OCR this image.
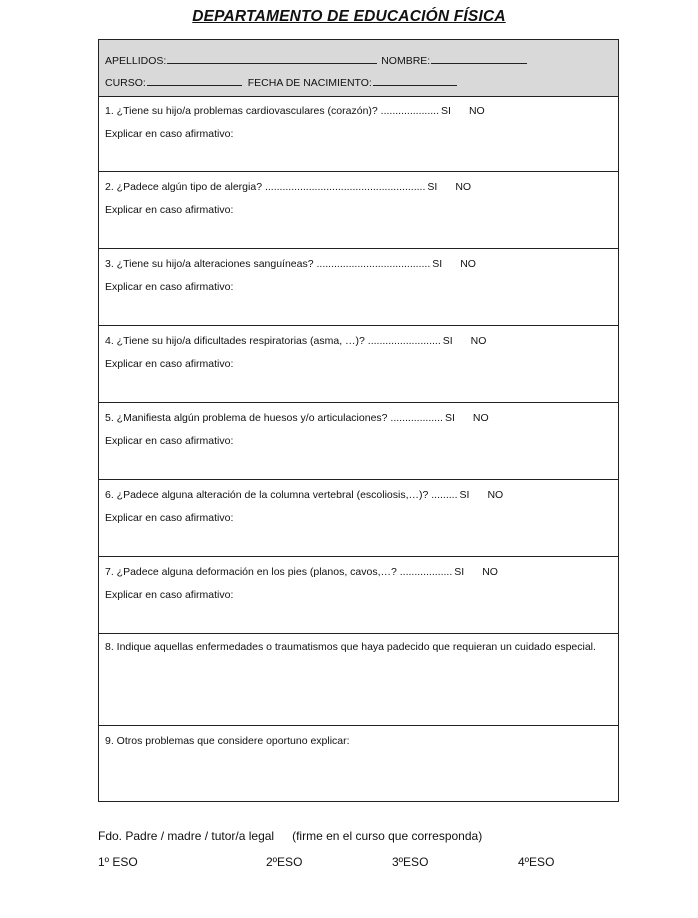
DEPARTAMENTO DE EDUCACIÓN FÍSICA
APELLIDOS:	NOMBRE:
CURSO:	FECHA DE NACIMIENTO:
1. ¿Tiene su hijo/a problemas cardiovasculares (corazón)? .................... SI NO
Explicar en caso afirmativo:
2. ¿Padece algún tipo de alergia? ....................................................... SI NO
Explicar en caso afirmativo:
3. ¿Tiene su hijo/a alteraciones sanguíneas? ....................................... SI NO
Explicar en caso afirmativo:
4. ¿Tiene su hijo/a dificultades respiratorias (asma, …)? ......................... SI NO
Explicar en caso afirmativo:
5. ¿Manifiesta algún problema de huesos y/o articulaciones? .................. SI NO
Explicar en caso afirmativo:
6. ¿Padece alguna alteración de la columna vertebral (escoliosis,…)? ......... SI NO
Explicar en caso afirmativo:
7. ¿Padece alguna deformación en los pies (planos, cavos,…? .................. SI NO
Explicar en caso afirmativo:
8. Indique aquellas enfermedades o traumatismos que haya padecido que requieran un cuidado especial.
9. Otros problemas que considere oportuno explicar:
Fdo. Padre / madre / tutor/a legal (firme en el curso que corresponda)
1º ESO	2ºESO	3ºESO	4ºESO
